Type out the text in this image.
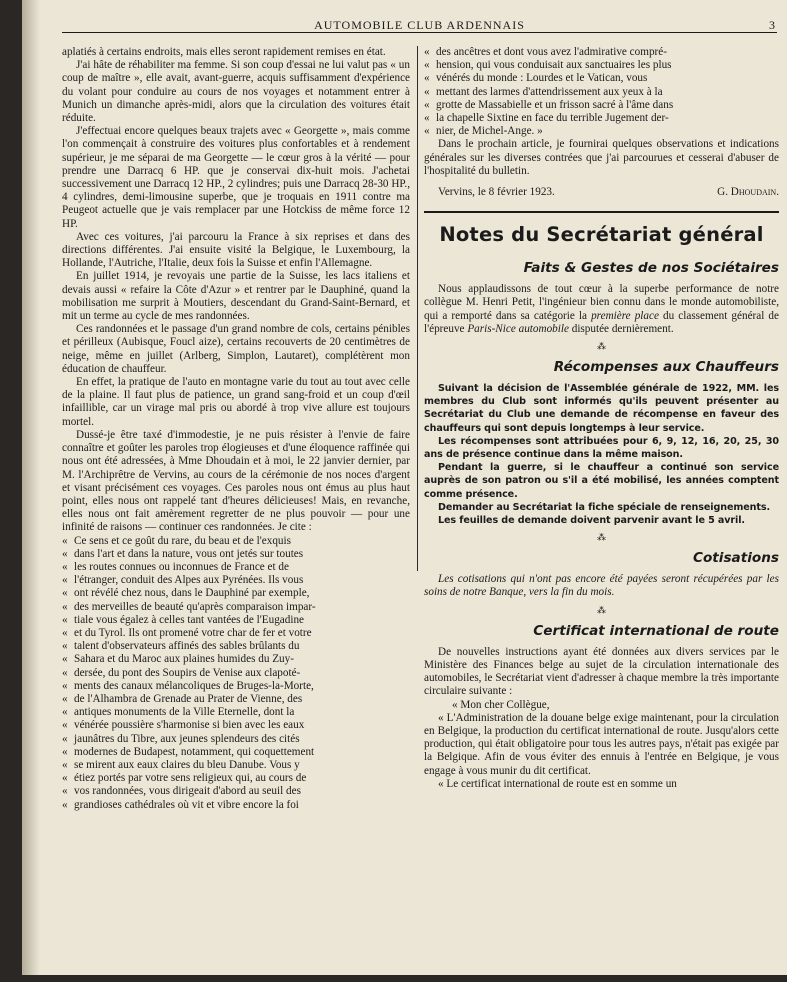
AUTOMOBILE CLUB ARDENNAIS	3

aplatiés à certains endroits, mais elles seront rapidement remises en état.

J'ai hâte de réhabiliter ma femme. Si son coup d'essai ne lui valut pas « un coup de maître », elle avait, avant-guerre, acquis suffisamment d'expérience du volant pour conduire au cours de nos voyages et notamment entrer à Munich un dimanche après-midi, alors que la circulation des voitures était réduite.

J'effectuai encore quelques beaux trajets avec « Georgette », mais comme l'on commençait à construire des voitures plus confortables et à rendement supérieur, je me séparai de ma Georgette — le cœur gros à la vérité — pour prendre une Darracq 6 HP. que je conservai dix-huit mois. J'achetai successivement une Darracq 12 HP., 2 cylindres; puis une Darracq 28-30 HP., 4 cylindres, demi-limousine superbe, que je troquais en 1911 contre ma Peugeot actuelle que je vais remplacer par une Hotckiss de même force 12 HP.

Avec ces voitures, j'ai parcouru la France à six reprises et dans des directions différentes. J'ai ensuite visité la Belgique, le Luxembourg, la Hollande, l'Autriche, l'Italie, deux fois la Suisse et enfin l'Allemagne.

En juillet 1914, je revoyais une partie de la Suisse, les lacs italiens et devais aussi « refaire la Côte d'Azur » et rentrer par le Dauphiné, quand la mobilisation me surprit à Moutiers, descendant du Grand-Saint-Bernard, et mit un terme au cycle de mes randonnées.

Ces randonnées et le passage d'un grand nombre de cols, certains pénibles et périlleux (Aubisque, Foucl aize), certains recouverts de 20 centimètres de neige, même en juillet (Arlberg, Simplon, Lautaret), complétèrent mon éducation de chauffeur.

En effet, la pratique de l'auto en montagne varie du tout au tout avec celle de la plaine. Il faut plus de patience, un grand sang-froid et un coup d'œil infaillible, car un virage mal pris ou abordé à trop vive allure est toujours mortel.

Dussé-je être taxé d'immodestie, je ne puis résister à l'envie de faire connaître et goûter les paroles trop élogieuses et d'une éloquence raffinée qui nous ont été adressées, à Mme Dhoudain et à moi, le 22 janvier dernier, par M. l'Archiprêtre de Vervins, au cours de la cérémonie de nos noces d'argent et visant précisément ces voyages. Ces paroles nous ont émus au plus haut point, elles nous ont rappelé tant d'heures délicieuses! Mais, en revanche, elles nous ont fait amèrement regretter de ne plus pouvoir — pour une infinité de raisons — continuer ces randonnées. Je cite :

« Ce sens et ce goût du rare, du beau et de l'exquis

« dans l'art et dans la nature, vous ont jetés sur toutes

« les routes connues ou inconnues de France et de

« l'étranger, conduit des Alpes aux Pyrénées. Ils vous

« ont révélé chez nous, dans le Dauphiné par exemple,

« des merveilles de beauté qu'après comparaison impar-

« tiale vous égalez à celles tant vantées de l'Eugadine

« et du Tyrol. Ils ont promené votre char de fer et votre

« talent d'observateurs affinés des sables brûlants du

« Sahara et du Maroc aux plaines humides du Zuy-

« dersée, du pont des Soupirs de Venise aux clapoté-

« ments des canaux mélancoliques de Bruges-la-Morte,

« de l'Alhambra de Grenade au Prater de Vienne, des

« antiques monuments de la Ville Eternelle, dont la

« vénérée poussière s'harmonise si bien avec les eaux

« jaunâtres du Tibre, aux jeunes splendeurs des cités

« modernes de Budapest, notamment, qui coquettement

« se mirent aux eaux claires du bleu Danube. Vous y

« étiez portés par votre sens religieux qui, au cours de

« vos randonnées, vous dirigeait d'abord au seuil des

« grandioses cathédrales où vit et vibre encore la foi

« des ancêtres et dont vous avez l'admirative compré-

« hension, qui vous conduisait aux sanctuaires les plus

« vénérés du monde : Lourdes et le Vatican, vous

« mettant des larmes d'attendrissement aux yeux à la

« grotte de Massabielle et un frisson sacré à l'âme dans

« la chapelle Sixtine en face du terrible Jugement der-

« nier, de Michel-Ange. »

Dans le prochain article, je fournirai quelques observations et indications générales sur les diverses contrées que j'ai parcourues et cesserai d'abuser de l'hospitalité du bulletin.

Vervins, le 8 février 1923.	G. Dhoudain.
Notes du Secrétariat général
Faits & Gestes de nos Sociétaires

Nous applaudissons de tout cœur à la superbe performance de notre collègue M. Henri Petit, l'ingénieur bien connu dans le monde automobiliste, qui a remporté dans sa catégorie la première place du classement général de l'épreuve Paris-Nice automobile disputée dernièrement.

⁂
Récompenses aux Chauffeurs

Suivant la décision de l'Assemblée générale de 1922, MM. les membres du Club sont informés qu'ils peuvent présenter au Secrétariat du Club une demande de récompense en faveur des chauffeurs qui sont depuis longtemps à leur service.

Les récompenses sont attribuées pour 6, 9, 12, 16, 20, 25, 30 ans de présence continue dans la même maison.

Pendant la guerre, si le chauffeur a continué son service auprès de son patron ou s'il a été mobilisé, les années comptent comme présence.

Demander au Secrétariat la fiche spéciale de renseignements.

Les feuilles de demande doivent parvenir avant le 5 avril.

⁂
Cotisations

Les cotisations qui n'ont pas encore été payées seront récupérées par les soins de notre Banque, vers la fin du mois.

⁂
Certificat international de route

De nouvelles instructions ayant été données aux divers services par le Ministère des Finances belge au sujet de la circulation internationale des automobiles, le Secrétariat vient d'adresser à chaque membre la très importante circulaire suivante :

« Mon cher Collègue,

« L'Administration de la douane belge exige maintenant, pour la circulation en Belgique, la production du certificat international de route. Jusqu'alors cette production, qui était obligatoire pour tous les autres pays, n'était pas exigée par la Belgique. Afin de vous éviter des ennuis à l'entrée en Belgique, je vous engage à vous munir du dit certificat.

« Le certificat international de route est en somme un
